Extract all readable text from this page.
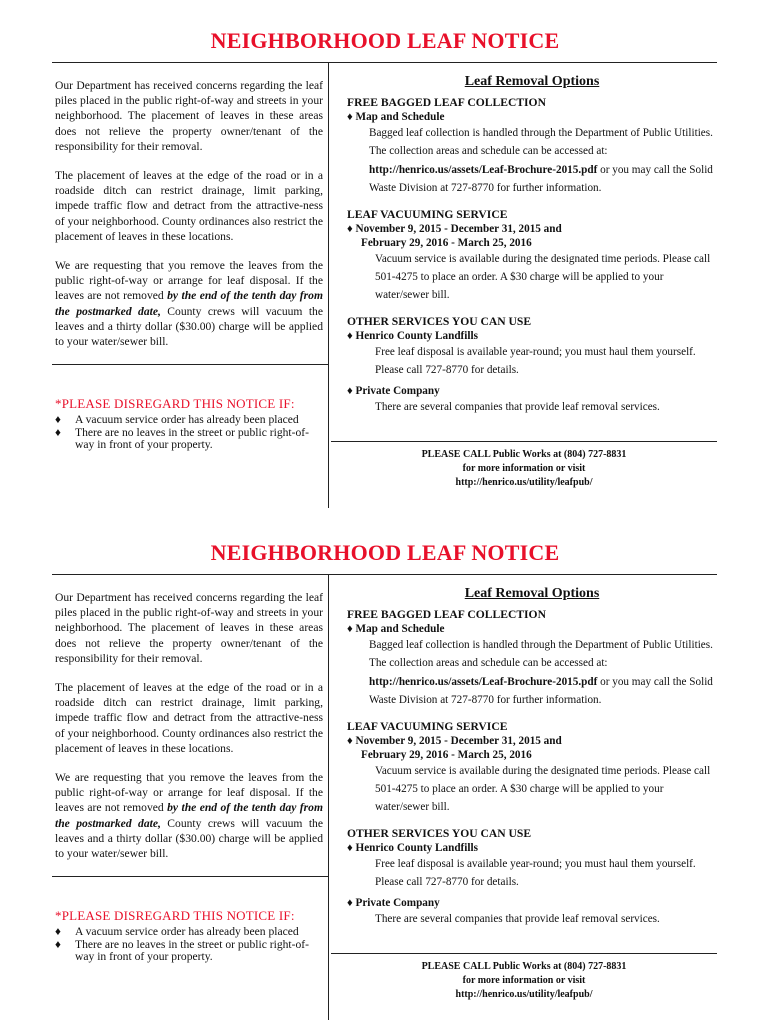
NEIGHBORHOOD LEAF NOTICE

Our Department has received concerns regarding the leaf piles placed in the public right-of-way and streets in your neighborhood. The placement of leaves in these areas does not relieve the property owner/tenant of the responsibility for their removal.

The placement of leaves at the edge of the road or in a roadside ditch can restrict drainage, limit parking, impede traffic flow and detract from the attractive-ness of your neighborhood. County ordinances also restrict the placement of leaves in these locations.

We are requesting that you remove the leaves from the public right-of-way or arrange for leaf disposal. If the leaves are not removed by the end of the tenth day from the postmarked date, County crews will vacuum the leaves and a thirty dollar ($30.00) charge will be applied to your water/sewer bill.

*PLEASE DISREGARD THIS NOTICE IF:
♦	A vacuum service order has already been placed
♦	There are no leaves in the street or public right-of-way in front of your property.
Leaf Removal Options
FREE BAGGED LEAF COLLECTION
♦ Map and Schedule
Bagged leaf collection is handled through the Department of Public Utilities. The collection areas and schedule can be accessed at:
http://henrico.us/assets/Leaf-Brochure-2015.pdf or you may call the Solid Waste Division at 727-8770 for further information.
LEAF VACUUMING SERVICE
♦ November 9, 2015 - December 31, 2015 and
February 29, 2016 - March 25, 2016
Vacuum service is available during the designated time periods. Please call 501-4275 to place an order. A $30 charge will be applied to your water/sewer bill.
OTHER SERVICES YOU CAN USE
♦ Henrico County Landfills
Free leaf disposal is available year-round; you must haul them yourself. Please call 727-8770 for details.
♦ Private Company
There are several companies that provide leaf removal services.
PLEASE CALL Public Works at (804) 727-8831
for more information or visit
http://henrico.us/utility/leafpub/
NEIGHBORHOOD LEAF NOTICE

Our Department has received concerns regarding the leaf piles placed in the public right-of-way and streets in your neighborhood. The placement of leaves in these areas does not relieve the property owner/tenant of the responsibility for their removal.

The placement of leaves at the edge of the road or in a roadside ditch can restrict drainage, limit parking, impede traffic flow and detract from the attractive-ness of your neighborhood. County ordinances also restrict the placement of leaves in these locations.

We are requesting that you remove the leaves from the public right-of-way or arrange for leaf disposal. If the leaves are not removed by the end of the tenth day from the postmarked date, County crews will vacuum the leaves and a thirty dollar ($30.00) charge will be applied to your water/sewer bill.

*PLEASE DISREGARD THIS NOTICE IF:
♦	A vacuum service order has already been placed
♦	There are no leaves in the street or public right-of-way in front of your property.
Leaf Removal Options
FREE BAGGED LEAF COLLECTION
♦ Map and Schedule
Bagged leaf collection is handled through the Department of Public Utilities. The collection areas and schedule can be accessed at:
http://henrico.us/assets/Leaf-Brochure-2015.pdf or you may call the Solid Waste Division at 727-8770 for further information.
LEAF VACUUMING SERVICE
♦ November 9, 2015 - December 31, 2015 and
February 29, 2016 - March 25, 2016
Vacuum service is available during the designated time periods. Please call 501-4275 to place an order. A $30 charge will be applied to your water/sewer bill.
OTHER SERVICES YOU CAN USE
♦ Henrico County Landfills
Free leaf disposal is available year-round; you must haul them yourself. Please call 727-8770 for details.
♦ Private Company
There are several companies that provide leaf removal services.
PLEASE CALL Public Works at (804) 727-8831
for more information or visit
http://henrico.us/utility/leafpub/
